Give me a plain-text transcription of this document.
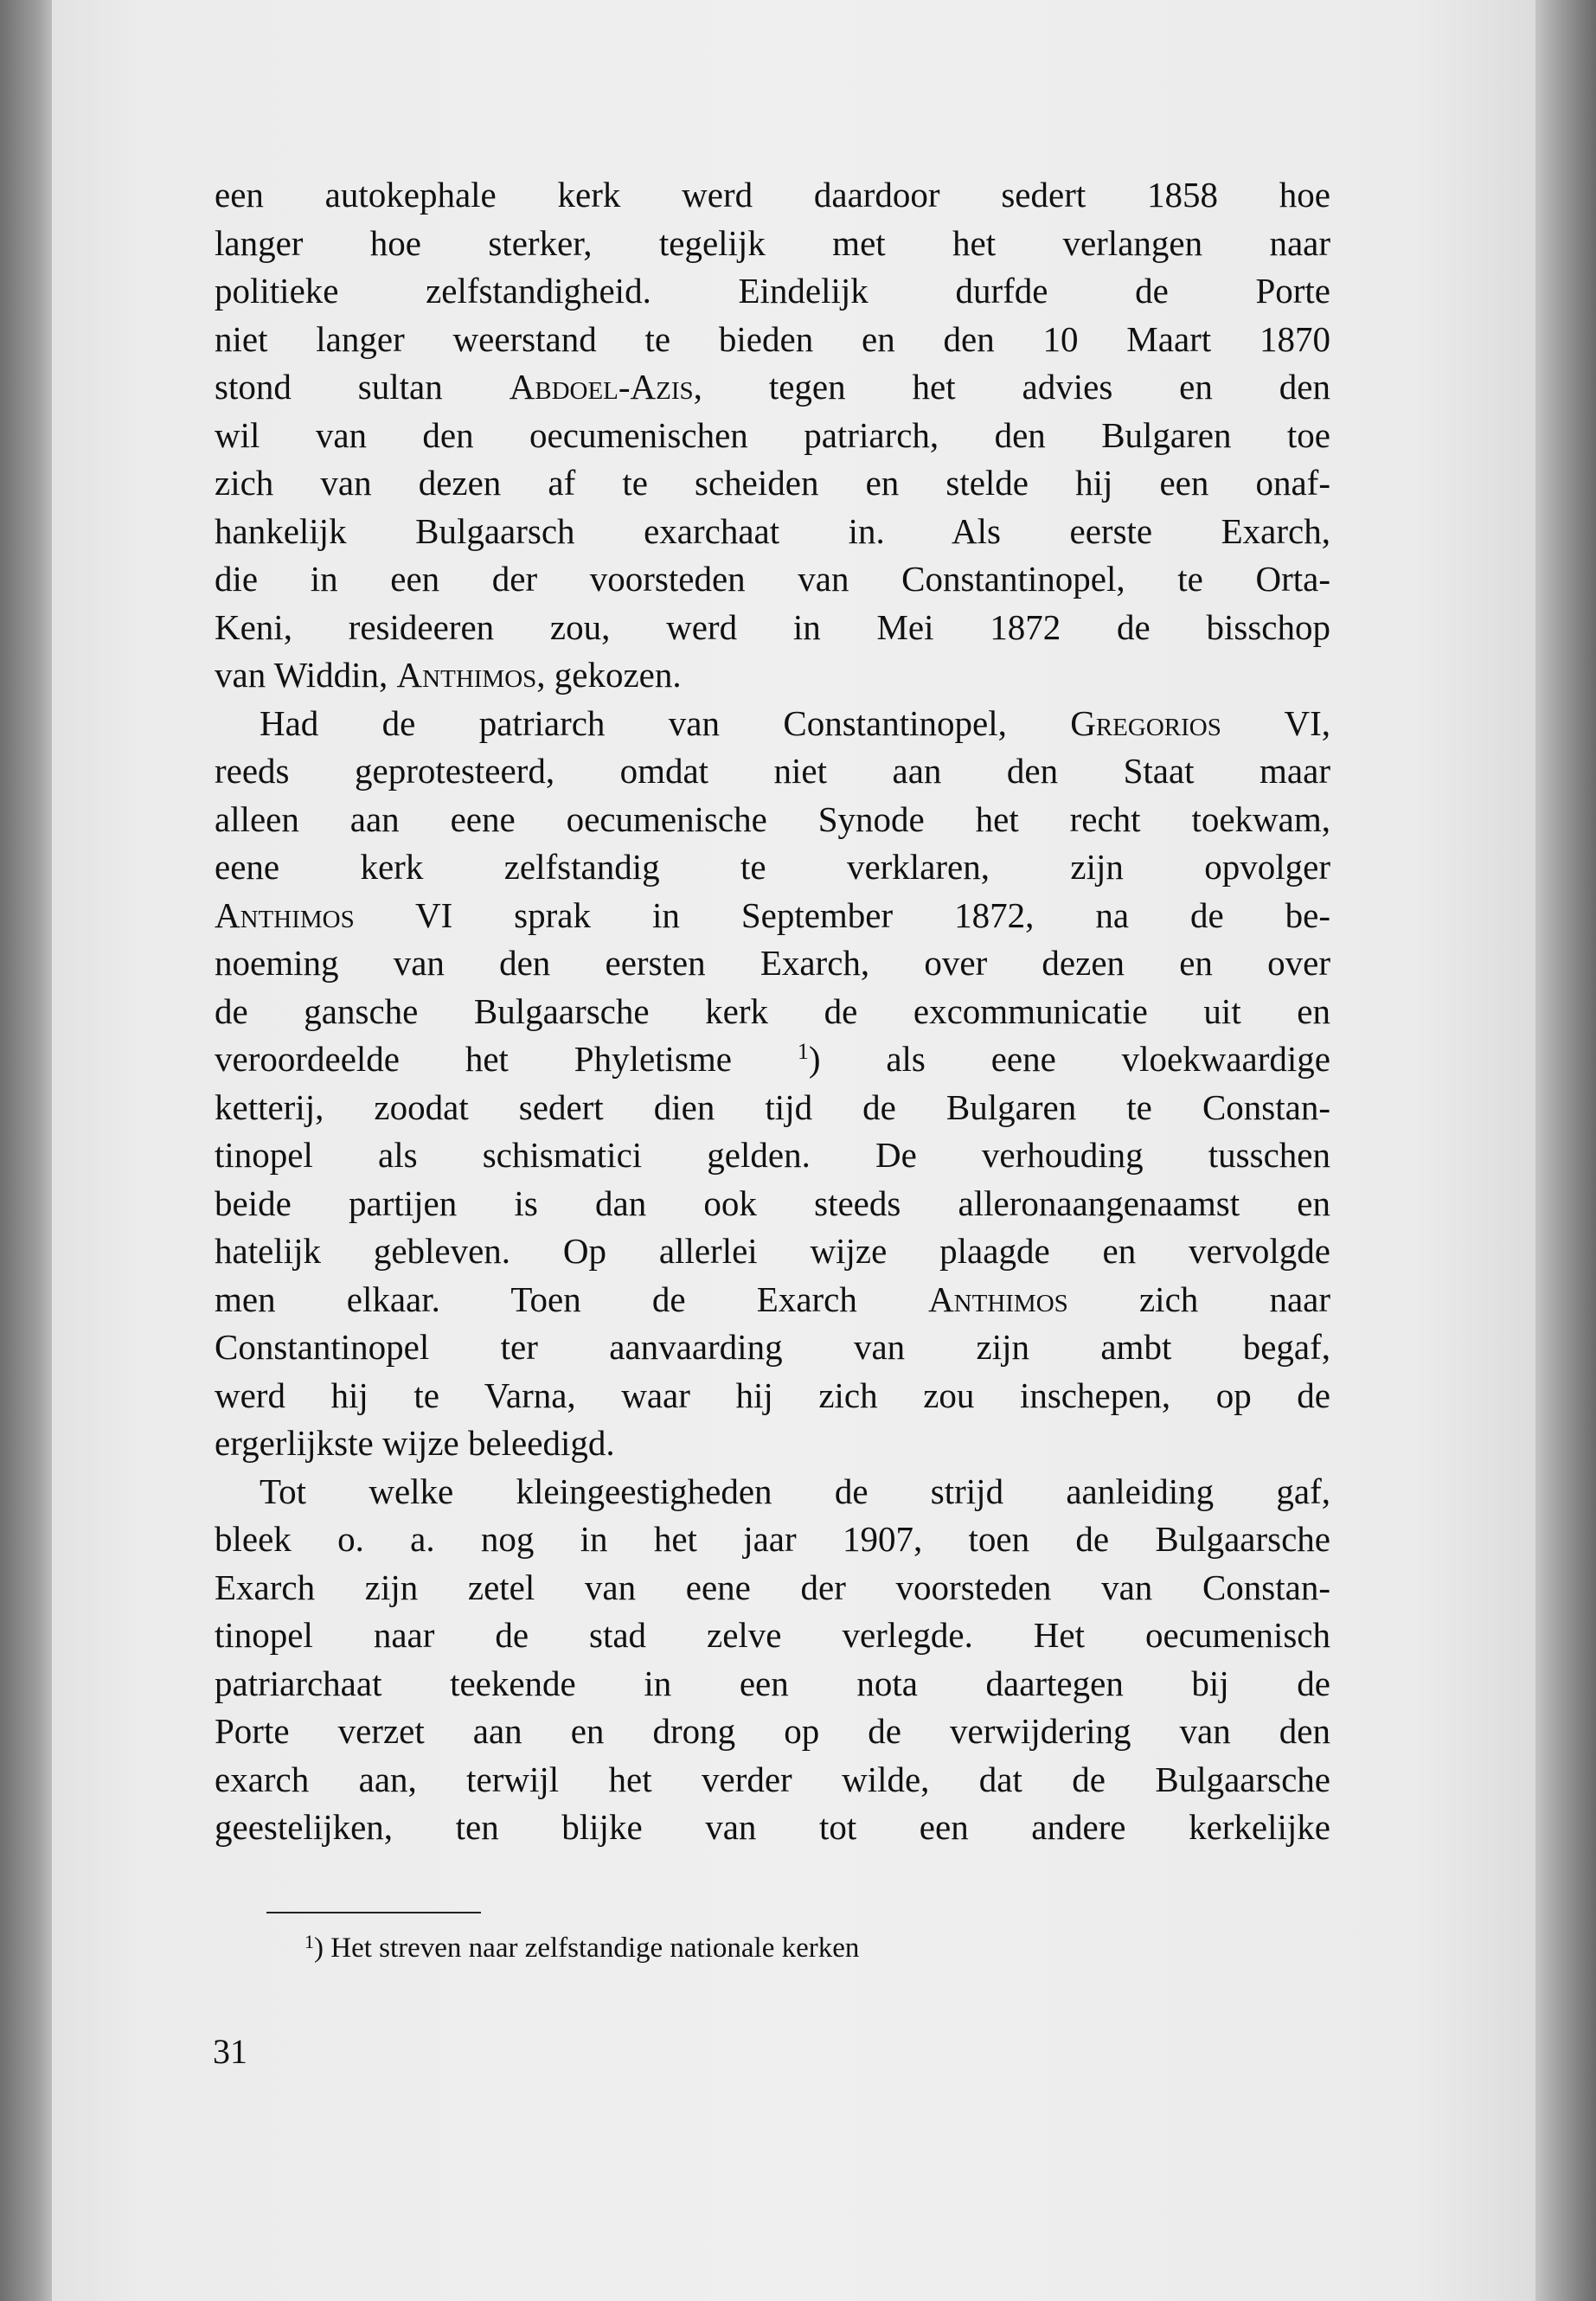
een autokephale kerk werd daardoor sedert 1858 hoe
langer hoe sterker, tegelijk met het verlangen naar
politieke zelfstandigheid. Eindelijk durfde de Porte
niet langer weerstand te bieden en den 10 Maart 1870
stond sultan Abdoel-Azis, tegen het advies en den
wil van den oecumenischen patriarch, den Bulgaren toe
zich van dezen af te scheiden en stelde hij een onaf-
hankelijk Bulgaarsch exarchaat in. Als eerste Exarch,
die in een der voorsteden van Constantinopel, te Orta-
Keni, resideeren zou, werd in Mei 1872 de bisschop
van Widdin, Anthimos, gekozen.
Had de patriarch van Constantinopel, Gregorios VI,
reeds geprotesteerd, omdat niet aan den Staat maar
alleen aan eene oecumenische Synode het recht toekwam,
eene kerk zelfstandig te verklaren, zijn opvolger
Anthimos VI sprak in September 1872, na de be-
noeming van den eersten Exarch, over dezen en over
de gansche Bulgaarsche kerk de excommunicatie uit en
veroordeelde het Phyletisme $^1$) als eene vloekwaardige
ketterij, zoodat sedert dien tijd de Bulgaren te Constan-
tinopel als schismatici gelden. De verhouding tusschen
beide partijen is dan ook steeds alleronaangenaamst en
hatelijk gebleven. Op allerlei wijze plaagde en vervolgde
men elkaar. Toen de Exarch Anthimos zich naar
Constantinopel ter aanvaarding van zijn ambt begaf,
werd hij te Varna, waar hij zich zou inschepen, op de
ergerlijkste wijze beleedigd.
Tot welke kleingeestigheden de strijd aanleiding gaf,
bleek o. a. nog in het jaar 1907, toen de Bulgaarsche
Exarch zijn zetel van eene der voorsteden van Constan-
tinopel naar de stad zelve verlegde. Het oecumenisch
patriarchaat teekende in een nota daartegen bij de
Porte verzet aan en drong op de verwijdering van den
exarch aan, terwijl het verder wilde, dat de Bulgaarsche
geestelijken, ten blijke van tot een andere kerkelijke
$^1$) Het streven naar zelfstandige nationale kerken
31
